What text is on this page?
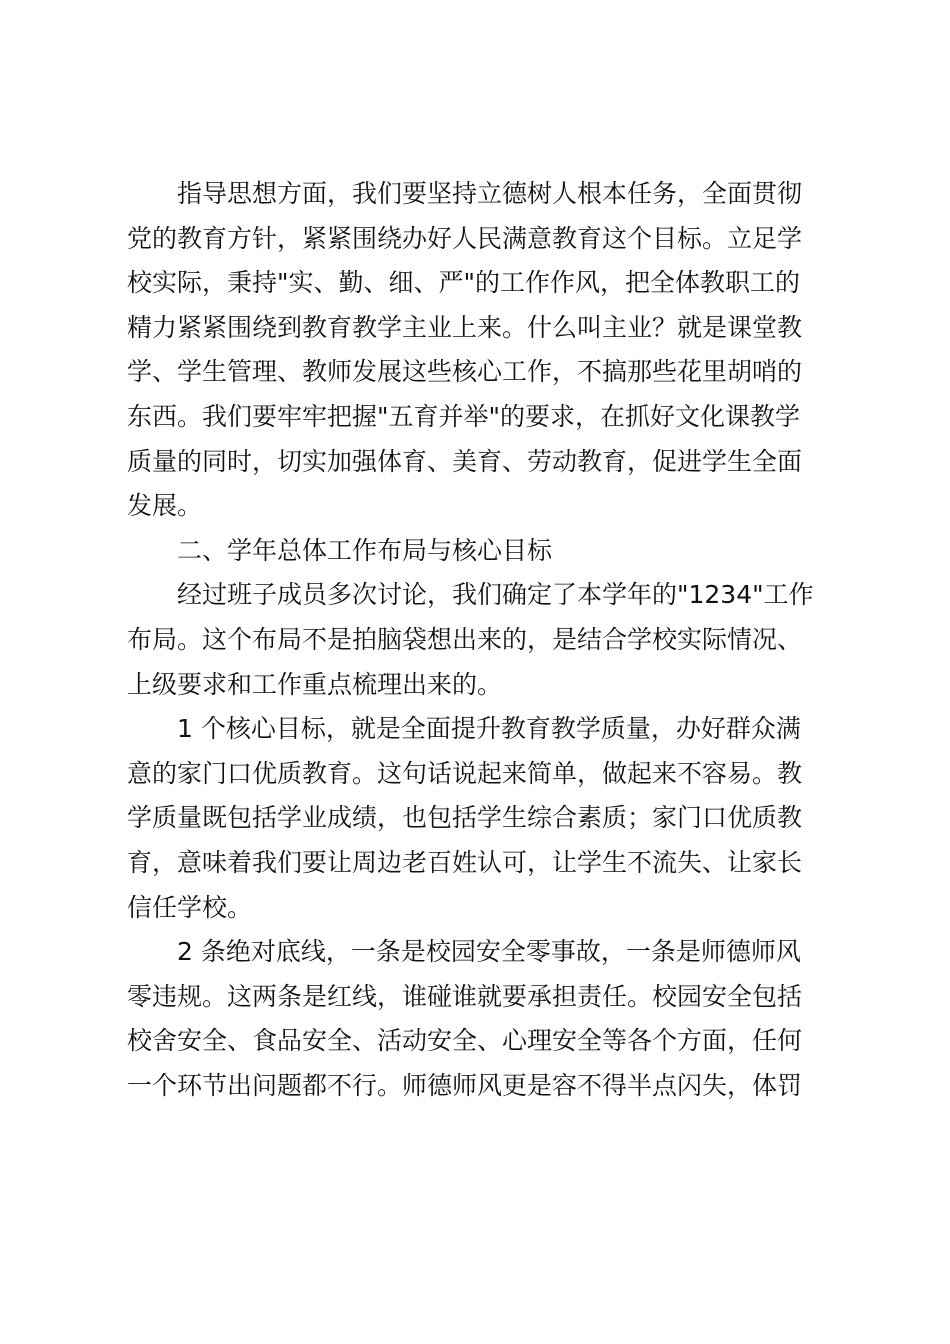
指导思想方面，我们要坚持立德树人根本任务，全面贯彻
党的教育方针，紧紧围绕办好人民满意教育这个目标。立足学
校实际，秉持"实、勤、细、严"的工作作风，把全体教职工的
精力紧紧围绕到教育教学主业上来。什么叫主业？就是课堂教
学、学生管理、教师发展这些核心工作，不搞那些花里胡哨的
东西。我们要牢牢把握"五育并举"的要求，在抓好文化课教学
质量的同时，切实加强体育、美育、劳动教育，促进学生全面
发展。
二、学年总体工作布局与核心目标
经过班子成员多次讨论，我们确定了本学年的"1234"工作
布局。这个布局不是拍脑袋想出来的，是结合学校实际情况、
上级要求和工作重点梳理出来的。
1 个核心目标，就是全面提升教育教学质量，办好群众满
意的家门口优质教育。这句话说起来简单，做起来不容易。教
学质量既包括学业成绩，也包括学生综合素质；家门口优质教
育，意味着我们要让周边老百姓认可，让学生不流失、让家长
信任学校。
2 条绝对底线，一条是校园安全零事故，一条是师德师风
零违规。这两条是红线，谁碰谁就要承担责任。校园安全包括
校舍安全、食品安全、活动安全、心理安全等各个方面，任何
一个环节出问题都不行。师德师风更是容不得半点闪失，体罚
